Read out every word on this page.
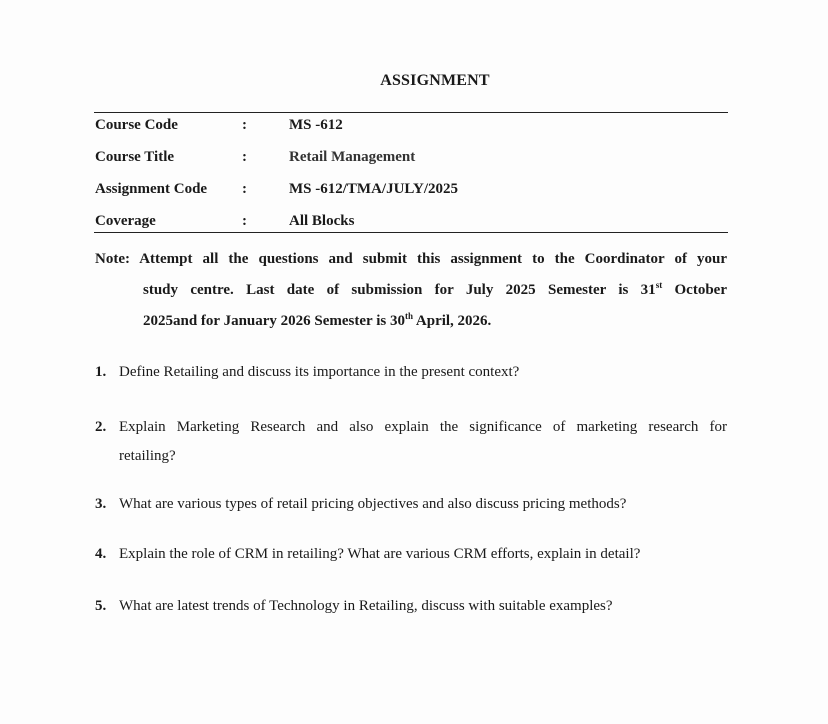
ASSIGNMENT
Course Code	:	MS -612
Course Title	:	Retail Management
Assignment Code :	MS -612/TMA/JULY/2025
Coverage	:	All Blocks
Note: Attempt all the questions and submit this assignment to the Coordinator of your
study centre. Last date of submission for July 2025 Semester is 31st October
2025and for January 2026 Semester is 30th April, 2026.
1. Define Retailing and discuss its importance in the present context?
2. Explain Marketing Research and also explain the significance of marketing research for
retailing?
3. What are various types of retail pricing objectives and also discuss pricing methods?
4. Explain the role of CRM in retailing? What are various CRM efforts, explain in detail?
5. What are latest trends of Technology in Retailing, discuss with suitable examples?
